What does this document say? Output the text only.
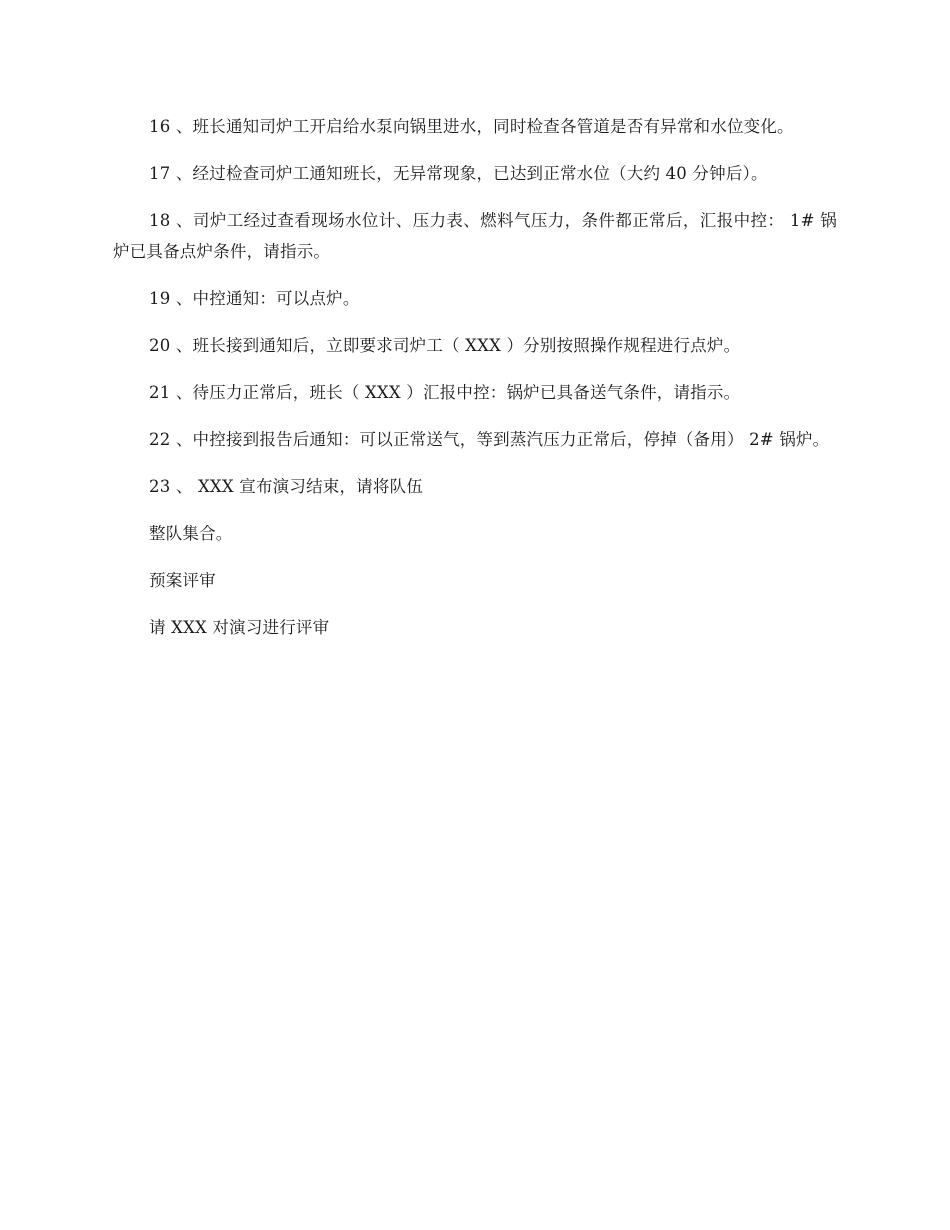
16 、班长通知司炉工开启给水泵向锅里进水，同时检查各管道是否有异常和水位变化。

17 、经过检查司炉工通知班长，无异常现象，已达到正常水位（大约 40 分钟后）。

18 、司炉工经过查看现场水位计、压力表、燃料气压力，条件都正常后，汇报中控： 1# 锅炉已具备点炉条件，请指示。

19 、中控通知：可以点炉。

20 、班长接到通知后，立即要求司炉工（ XXX ）分别按照操作规程进行点炉。

21 、待压力正常后，班长（ XXX ）汇报中控：锅炉已具备送气条件，请指示。

22 、中控接到报告后通知：可以正常送气，等到蒸汽压力正常后，停掉（备用） 2# 锅炉。

23 、 XXX 宣布演习结束，请将队伍

整队集合。

预案评审

请 XXX 对演习进行评审
